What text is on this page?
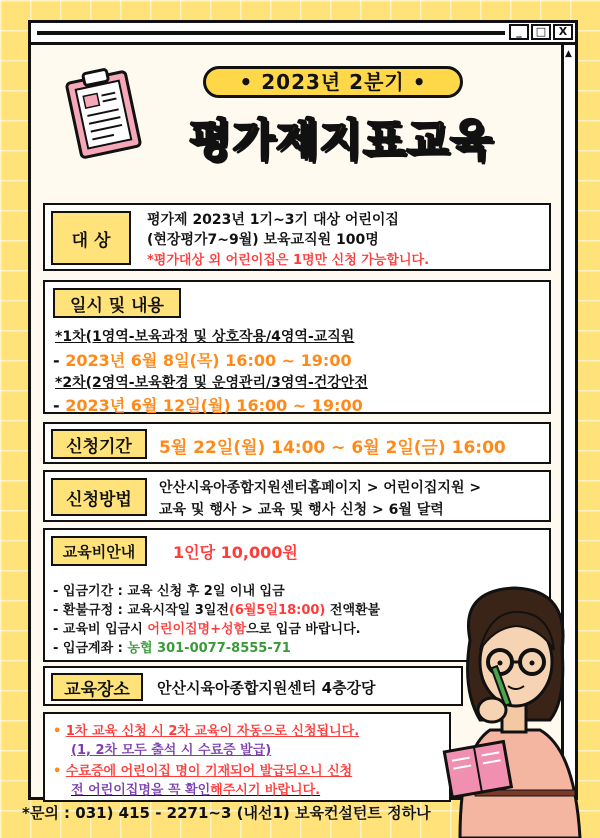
_	□	X
▲
• 2023년 2분기 •
평가제지표교육
대 상
평가제 2023년 1기~3기 대상 어린이집
(현장평가7~9월) 보육교직원 100명
*평가대상 외 어린이집은 1명만 신청 가능합니다.
일시 및 내용
*1차(1영역-보육과정 및 상호작용/4영역-교직원
- 2023년 6월 8일(목) 16:00 ~ 19:00
*2차(2영역-보육환경 및 운영관리/3영역-건강안전
- 2023년 6월 12일(월) 16:00 ~ 19:00
신청기간	5월 22일(월) 14:00 ~ 6월 2일(금) 16:00
신청방법
안산시육아종합지원센터홈페이지 > 어린이집지원 >
교육 및 행사 > 교육 및 행사 신청 > 6월 달력
교육비안내	1인당 10,000원
- 입금기간 : 교육 신청 후 2일 이내 입금
- 환불규정 : 교육시작일 3일전(6월5일18:00) 전액환불
- 교육비 입금시 어린이집명+성함으로 입금 바랍니다.
- 입금계좌 : 농협 301-0077-8555-71
교육장소	안산시육아종합지원센터 4층강당
• 1차 교육 신청 시 2차 교육이 자동으로 신청됩니다.
(1, 2차 모두 출석 시 수료증 발급)
• 수료증에 어린이집 명이 기재되어 발급되오니 신청
전 어린이집명을 꼭 확인해주시기 바랍니다.
*문의 : 031) 415 - 2271~3 (내선1) 보육컨설턴트 정하나
